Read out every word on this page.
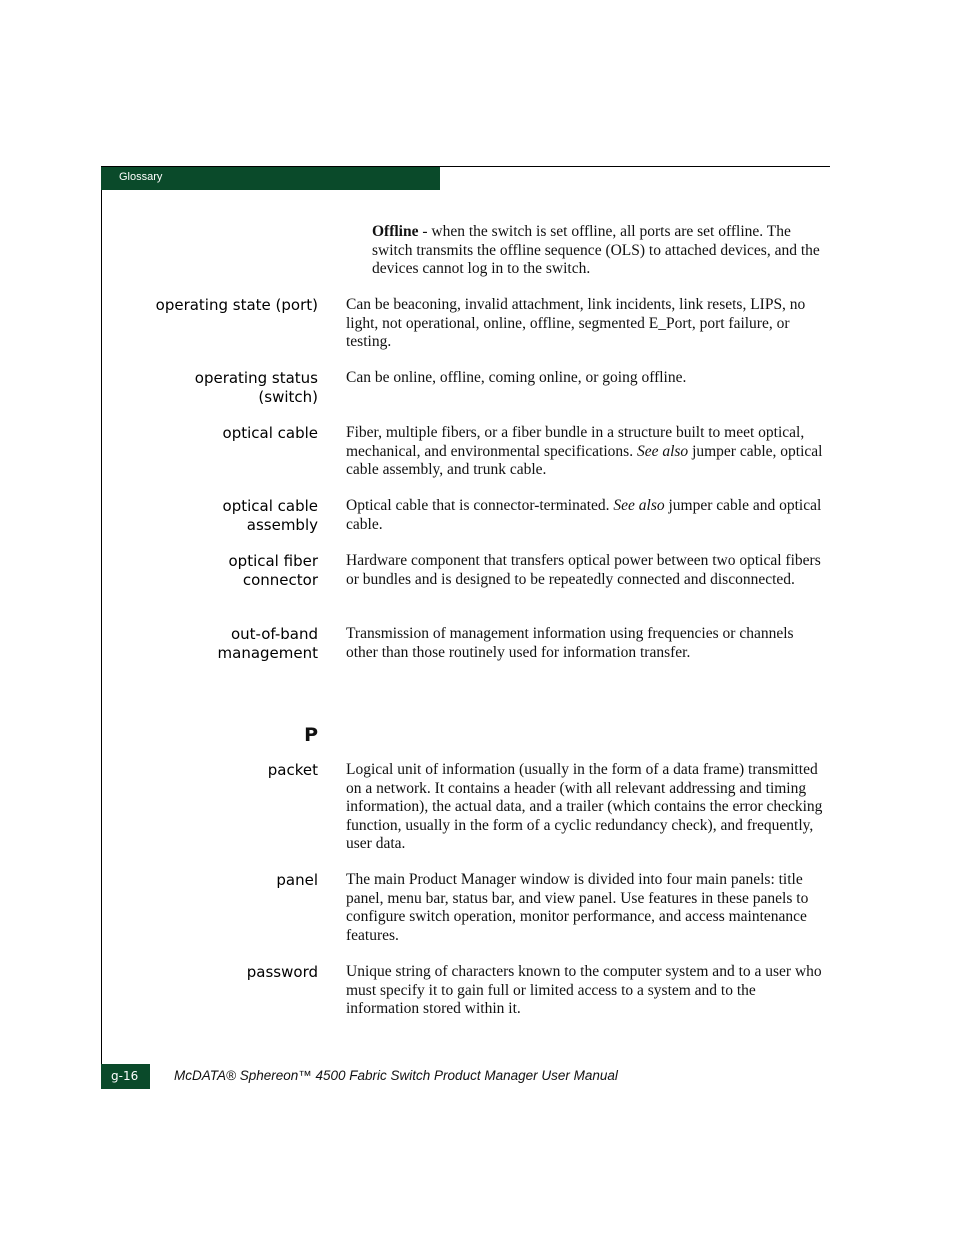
Glossary
Offline - when the switch is set offline, all ports are set offline. The switch transmits the offline sequence (OLS) to attached devices, and the devices cannot log in to the switch.
operating state (port) Can be beaconing, invalid attachment, link incidents, link resets, LIPS, no light, not operational, online, offline, segmented E_Port, port failure, or testing.
operating status
(switch)
Can be online, offline, coming online, or going offline.
optical cable Fiber, multiple fibers, or a fiber bundle in a structure built to meet optical, mechanical, and environmental specifications. See also jumper cable, optical cable assembly, and trunk cable.
optical cable
assembly
Optical cable that is connector-terminated. See also jumper cable and optical cable.
optical fiber
connector
Hardware component that transfers optical power between two optical fibers or bundles and is designed to be repeatedly connected and disconnected.
out-of-band
management
Transmission of management information using frequencies or channels other than those routinely used for information transfer.
P
packet Logical unit of information (usually in the form of a data frame) transmitted on a network. It contains a header (with all relevant addressing and timing information), the actual data, and a trailer (which contains the error checking function, usually in the form of a cyclic redundancy check), and frequently, user data.
panel The main Product Manager window is divided into four main panels: title panel, menu bar, status bar, and view panel. Use features in these panels to configure switch operation, monitor performance, and access maintenance features.
password Unique string of characters known to the computer system and to a user who must specify it to gain full or limited access to a system and to the information stored within it.
g-16	McDATA® Sphereon™ 4500 Fabric Switch Product Manager User Manual
